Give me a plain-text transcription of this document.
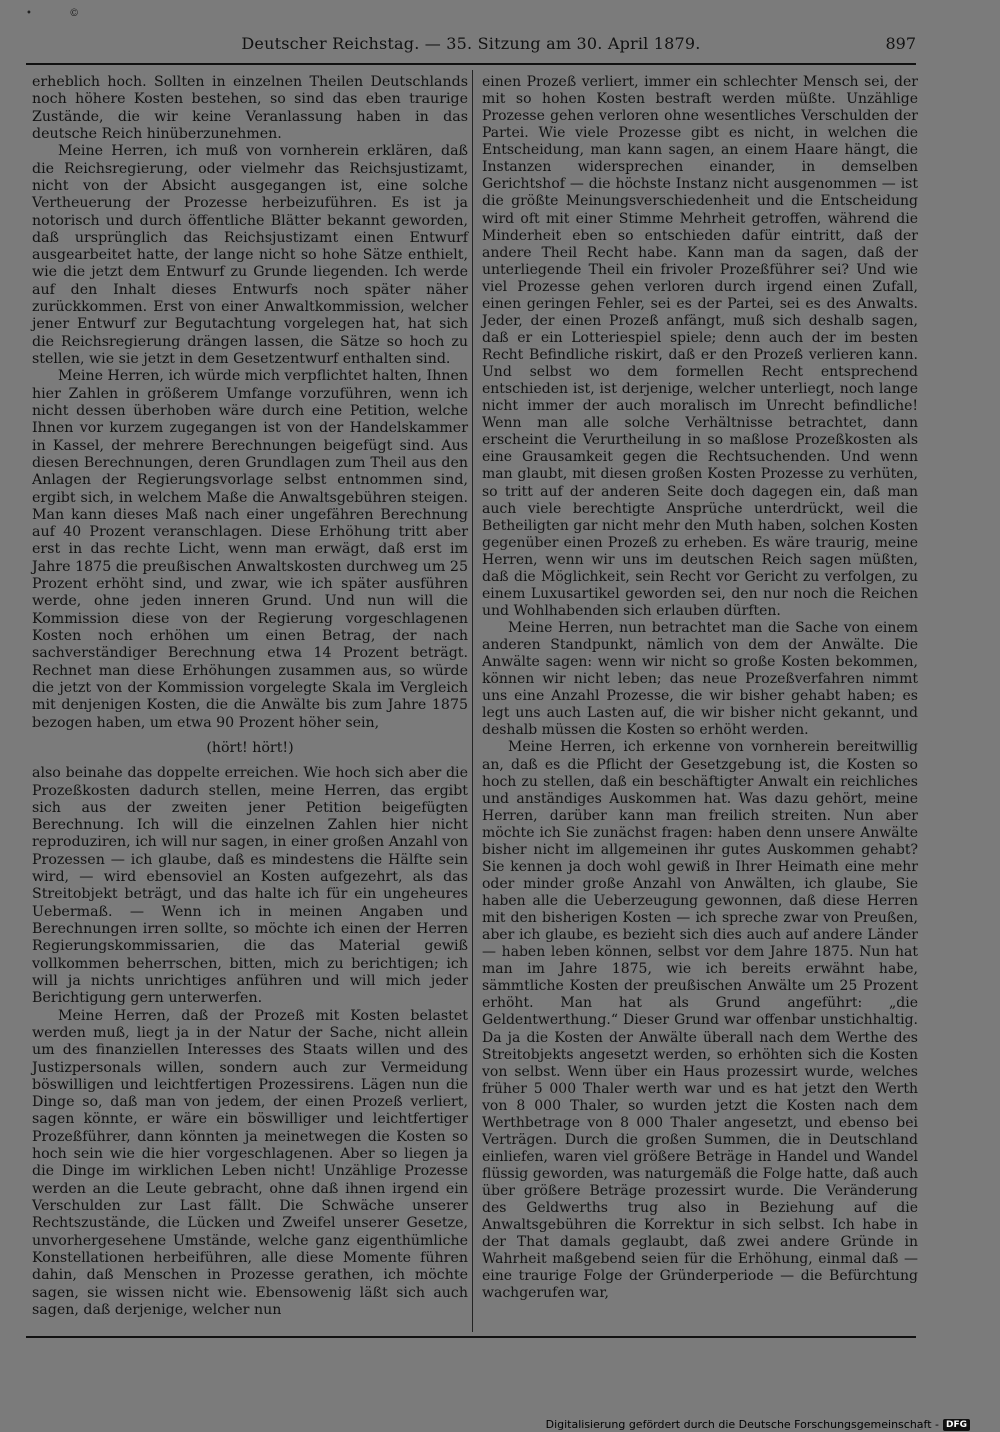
•	©
Deutscher Reichstag. — 35. Sitzung am 30. April 1879.	897

erheblich hoch. Sollten in einzelnen Theilen Deutschlands noch höhere Kosten bestehen, so sind das eben traurige Zustände, die wir keine Veranlassung haben in das deutsche Reich hinüberzunehmen.

Meine Herren, ich muß von vornherein erklären, daß die Reichsregierung, oder vielmehr das Reichsjustizamt, nicht von der Absicht ausgegangen ist, eine solche Vertheuerung der Prozesse herbeizuführen. Es ist ja notorisch und durch öffentliche Blätter bekannt geworden, daß ursprünglich das Reichsjustizamt einen Entwurf ausgearbeitet hatte, der lange nicht so hohe Sätze enthielt, wie die jetzt dem Entwurf zu Grunde liegenden. Ich werde auf den Inhalt dieses Entwurfs noch später näher zurückkommen. Erst von einer Anwaltkommission, welcher jener Entwurf zur Begutachtung vorgelegen hat, hat sich die Reichsregierung drängen lassen, die Sätze so hoch zu stellen, wie sie jetzt in dem Gesetzentwurf enthalten sind.

Meine Herren, ich würde mich verpflichtet halten, Ihnen hier Zahlen in größerem Umfange vorzuführen, wenn ich nicht dessen überhoben wäre durch eine Petition, welche Ihnen vor kurzem zugegangen ist von der Handelskammer in Kassel, der mehrere Berechnungen beigefügt sind. Aus diesen Berechnungen, deren Grundlagen zum Theil aus den Anlagen der Regierungsvorlage selbst entnommen sind, ergibt sich, in welchem Maße die Anwaltsgebühren steigen. Man kann dieses Maß nach einer ungefähren Berechnung auf 40 Prozent veranschlagen. Diese Erhöhung tritt aber erst in das rechte Licht, wenn man erwägt, daß erst im Jahre 1875 die preußischen Anwaltskosten durchweg um 25 Prozent erhöht sind, und zwar, wie ich später ausführen werde, ohne jeden inneren Grund. Und nun will die Kommission diese von der Regierung vorgeschlagenen Kosten noch erhöhen um einen Betrag, der nach sachverständiger Berechnung etwa 14 Prozent beträgt. Rechnet man diese Erhöhungen zusammen aus, so würde die jetzt von der Kommission vorgelegte Skala im Vergleich mit denjenigen Kosten, die die Anwälte bis zum Jahre 1875 bezogen haben, um etwa 90 Prozent höher sein,

(hört! hört!)

also beinahe das doppelte erreichen. Wie hoch sich aber die Prozeßkosten dadurch stellen, meine Herren, das ergibt sich aus der zweiten jener Petition beigefügten Berechnung. Ich will die einzelnen Zahlen hier nicht reproduziren, ich will nur sagen, in einer großen Anzahl von Prozessen — ich glaube, daß es mindestens die Hälfte sein wird, — wird ebensoviel an Kosten aufgezehrt, als das Streitobjekt beträgt, und das halte ich für ein ungeheures Uebermaß. — Wenn ich in meinen Angaben und Berechnungen irren sollte, so möchte ich einen der Herren Regierungskommissarien, die das Material gewiß vollkommen beherrschen, bitten, mich zu berichtigen; ich will ja nichts unrichtiges anführen und will mich jeder Berichtigung gern unterwerfen.

Meine Herren, daß der Prozeß mit Kosten belastet werden muß, liegt ja in der Natur der Sache, nicht allein um des finanziellen Interesses des Staats willen und des Justizpersonals willen, sondern auch zur Vermeidung böswilligen und leichtfertigen Prozessirens. Lägen nun die Dinge so, daß man von jedem, der einen Prozeß verliert, sagen könnte, er wäre ein böswilliger und leichtfertiger Prozeßführer, dann könnten ja meinetwegen die Kosten so hoch sein wie die hier vorgeschlagenen. Aber so liegen ja die Dinge im wirklichen Leben nicht! Unzählige Prozesse werden an die Leute gebracht, ohne daß ihnen irgend ein Verschulden zur Last fällt. Die Schwäche unserer Rechtszustände, die Lücken und Zweifel unserer Gesetze, unvorhergesehene Umstände, welche ganz eigenthümliche Konstellationen herbeiführen, alle diese Momente führen dahin, daß Menschen in Prozesse gerathen, ich möchte sagen, sie wissen nicht wie. Ebensowenig läßt sich auch sagen, daß derjenige, welcher nun

einen Prozeß verliert, immer ein schlechter Mensch sei, der mit so hohen Kosten bestraft werden müßte. Unzählige Prozesse gehen verloren ohne wesentliches Verschulden der Partei. Wie viele Prozesse gibt es nicht, in welchen die Entscheidung, man kann sagen, an einem Haare hängt, die Instanzen widersprechen einander, in demselben Gerichtshof — die höchste Instanz nicht ausgenommen — ist die größte Meinungsverschiedenheit und die Entscheidung wird oft mit einer Stimme Mehrheit getroffen, während die Minderheit eben so entschieden dafür eintritt, daß der andere Theil Recht habe. Kann man da sagen, daß der unterliegende Theil ein frivoler Prozeßführer sei? Und wie viel Prozesse gehen verloren durch irgend einen Zufall, einen geringen Fehler, sei es der Partei, sei es des Anwalts. Jeder, der einen Prozeß anfängt, muß sich deshalb sagen, daß er ein Lotteriespiel spiele; denn auch der im besten Recht Befindliche riskirt, daß er den Prozeß verlieren kann. Und selbst wo dem formellen Recht entsprechend entschieden ist, ist derjenige, welcher unterliegt, noch lange nicht immer der auch moralisch im Unrecht befindliche! Wenn man alle solche Verhältnisse betrachtet, dann erscheint die Verurtheilung in so maßlose Prozeßkosten als eine Grausamkeit gegen die Rechtsuchenden. Und wenn man glaubt, mit diesen großen Kosten Prozesse zu verhüten, so tritt auf der anderen Seite doch dagegen ein, daß man auch viele berechtigte Ansprüche unterdrückt, weil die Betheiligten gar nicht mehr den Muth haben, solchen Kosten gegenüber einen Prozeß zu erheben. Es wäre traurig, meine Herren, wenn wir uns im deutschen Reich sagen müßten, daß die Möglichkeit, sein Recht vor Gericht zu verfolgen, zu einem Luxusartikel geworden sei, den nur noch die Reichen und Wohlhabenden sich erlauben dürften.

Meine Herren, nun betrachtet man die Sache von einem anderen Standpunkt, nämlich von dem der Anwälte. Die Anwälte sagen: wenn wir nicht so große Kosten bekommen, können wir nicht leben; das neue Prozeßverfahren nimmt uns eine Anzahl Prozesse, die wir bisher gehabt haben; es legt uns auch Lasten auf, die wir bisher nicht gekannt, und deshalb müssen die Kosten so erhöht werden.

Meine Herren, ich erkenne von vornherein bereitwillig an, daß es die Pflicht der Gesetzgebung ist, die Kosten so hoch zu stellen, daß ein beschäftigter Anwalt ein reichliches und anständiges Auskommen hat. Was dazu gehört, meine Herren, darüber kann man freilich streiten. Nun aber möchte ich Sie zunächst fragen: haben denn unsere Anwälte bisher nicht im allgemeinen ihr gutes Auskommen gehabt? Sie kennen ja doch wohl gewiß in Ihrer Heimath eine mehr oder minder große Anzahl von Anwälten, ich glaube, Sie haben alle die Ueberzeugung gewonnen, daß diese Herren mit den bisherigen Kosten — ich spreche zwar von Preußen, aber ich glaube, es bezieht sich dies auch auf andere Länder — haben leben können, selbst vor dem Jahre 1875. Nun hat man im Jahre 1875, wie ich bereits erwähnt habe, sämmtliche Kosten der preußischen Anwälte um 25 Prozent erhöht. Man hat als Grund angeführt: „die Geldentwerthung.“ Dieser Grund war offenbar unstichhaltig. Da ja die Kosten der Anwälte überall nach dem Werthe des Streitobjekts angesetzt werden, so erhöhten sich die Kosten von selbst. Wenn über ein Haus prozessirt wurde, welches früher 5 000 Thaler werth war und es hat jetzt den Werth von 8 000 Thaler, so wurden jetzt die Kosten nach dem Werthbetrage von 8 000 Thaler angesetzt, und ebenso bei Verträgen. Durch die großen Summen, die in Deutschland einliefen, waren viel größere Beträge in Handel und Wandel flüssig geworden, was naturgemäß die Folge hatte, daß auch über größere Beträge prozessirt wurde. Die Veränderung des Geldwerths trug also in Beziehung auf die Anwaltsgebühren die Korrektur in sich selbst. Ich habe in der That damals geglaubt, daß zwei andere Gründe in Wahrheit maßgebend seien für die Erhöhung, einmal daß — eine traurige Folge der Gründerperiode — die Befürchtung wachgerufen war,

Digitalisierung gefördert durch die Deutsche Forschungsgemeinschaft - DFG
